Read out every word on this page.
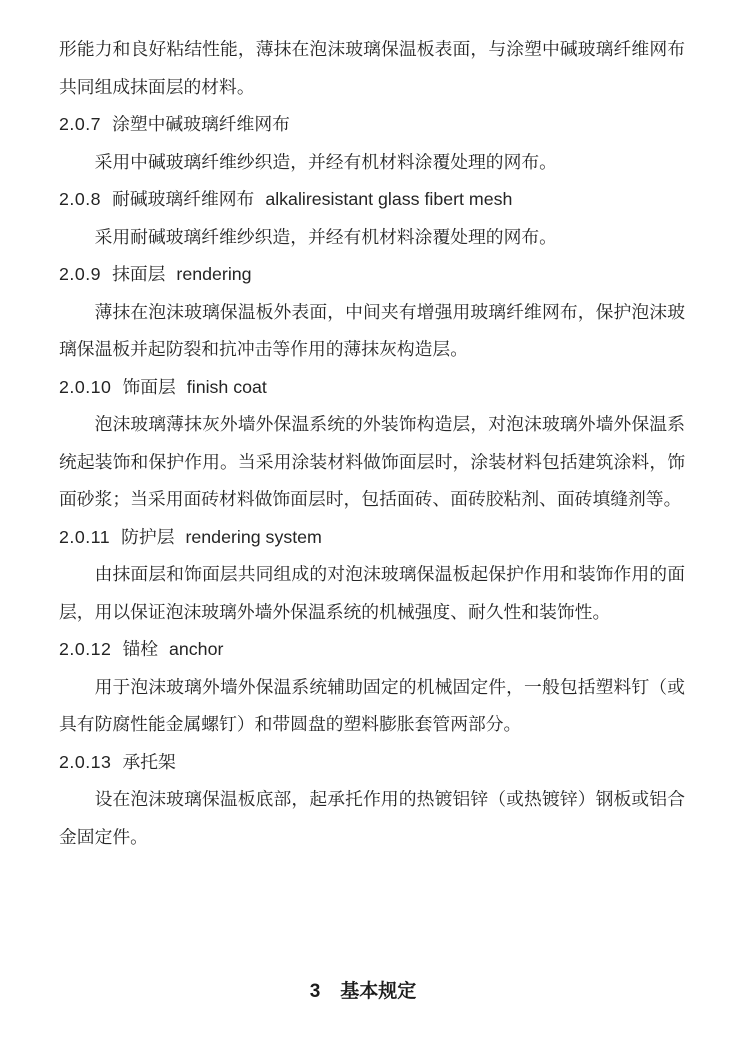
形能力和良好粘结性能，薄抹在泡沫玻璃保温板表面，与涂塑中碱玻璃纤维网布共同组成抹面层的材料。

2.0.7 涂塑中碱玻璃纤维网布

采用中碱玻璃纤维纱织造，并经有机材料涂覆处理的网布。

2.0.8 耐碱玻璃纤维网布 alkaliresistant glass fibert mesh

采用耐碱玻璃纤维纱织造，并经有机材料涂覆处理的网布。

2.0.9 抹面层 rendering

薄抹在泡沫玻璃保温板外表面，中间夹有增强用玻璃纤维网布，保护泡沫玻璃保温板并起防裂和抗冲击等作用的薄抹灰构造层。

2.0.10 饰面层 finish coat

泡沫玻璃薄抹灰外墙外保温系统的外装饰构造层，对泡沫玻璃外墙外保温系统起装饰和保护作用。当采用涂装材料做饰面层时，涂装材料包括建筑涂料，饰面砂浆；当采用面砖材料做饰面层时，包括面砖、面砖胶粘剂、面砖填缝剂等。

2.0.11 防护层 rendering system

由抹面层和饰面层共同组成的对泡沫玻璃保温板起保护作用和装饰作用的面层，用以保证泡沫玻璃外墙外保温系统的机械强度、耐久性和装饰性。

2.0.12 锚栓 anchor

用于泡沫玻璃外墙外保温系统辅助固定的机械固定件，一般包括塑料钉（或具有防腐性能金属螺钉）和带圆盘的塑料膨胀套管两部分。

2.0.13 承托架

设在泡沫玻璃保温板底部，起承托作用的热镀铝锌（或热镀锌）钢板或铝合金固定件。

3 基本规定
